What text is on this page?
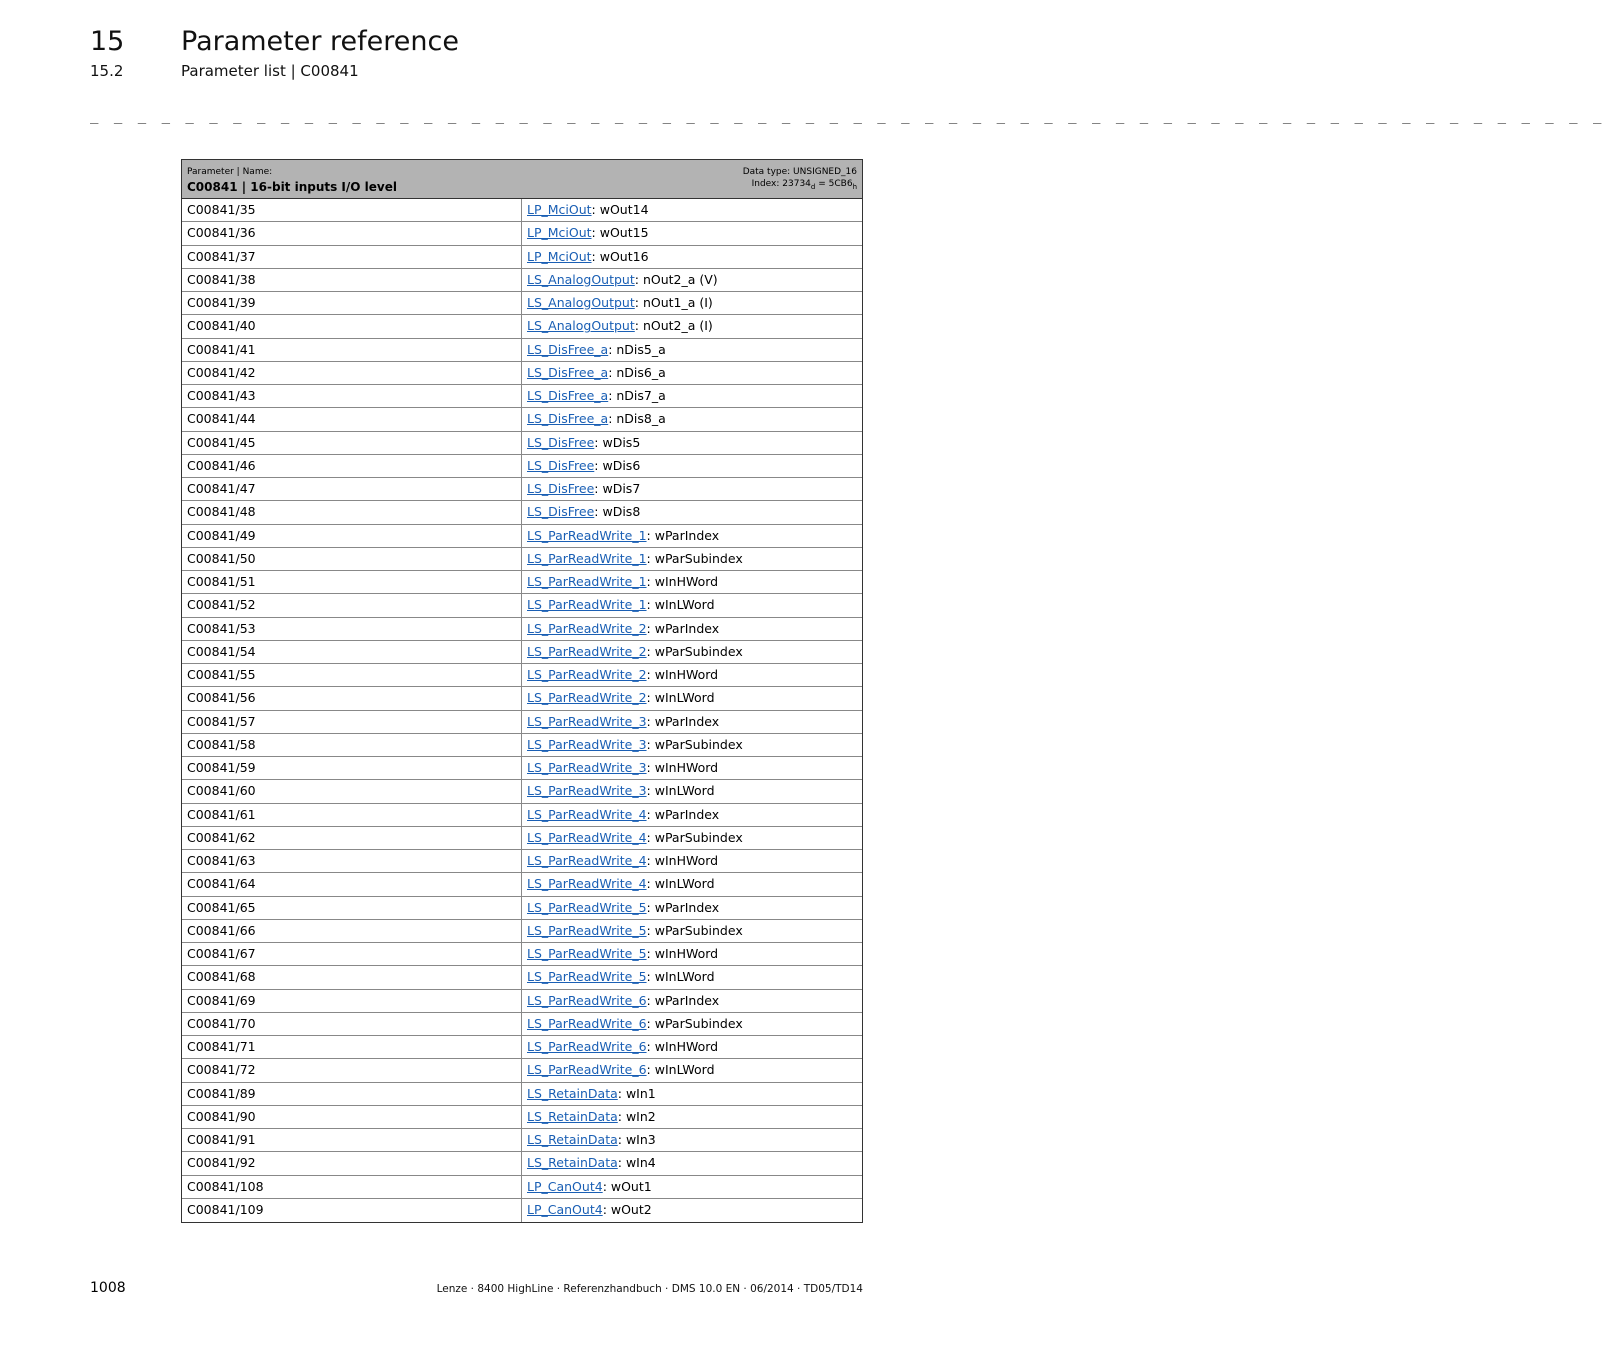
15 Parameter reference
15.2	Parameter list | C00841
_ _ _ _ _ _ _ _ _ _ _ _ _ _ _ _ _ _ _ _ _ _ _ _ _ _ _ _ _ _ _ _ _ _ _ _ _ _ _ _ _ _ _ _ _ _ _ _ _ _ _ _ _ _ _ _ _ _ _ _ _ _ _ _
Parameter | Name:
C00841 | 16-bit inputs I/O level
Data type: UNSIGNED_16
Index: $23734_d = 5CB6_h$
C00841/35	LP_MciOut: wOut14
C00841/36	LP_MciOut: wOut15
C00841/37	LP_MciOut: wOut16
C00841/38	LS_AnalogOutput: nOut2_a (V)
C00841/39	LS_AnalogOutput: nOut1_a (I)
C00841/40	LS_AnalogOutput: nOut2_a (I)
C00841/41	LS_DisFree_a: nDis5_a
C00841/42	LS_DisFree_a: nDis6_a
C00841/43	LS_DisFree_a: nDis7_a
C00841/44	LS_DisFree_a: nDis8_a
C00841/45	LS_DisFree: wDis5
C00841/46	LS_DisFree: wDis6
C00841/47	LS_DisFree: wDis7
C00841/48	LS_DisFree: wDis8
C00841/49	LS_ParReadWrite_1: wParIndex
C00841/50	LS_ParReadWrite_1: wParSubindex
C00841/51	LS_ParReadWrite_1: wInHWord
C00841/52	LS_ParReadWrite_1: wInLWord
C00841/53	LS_ParReadWrite_2: wParIndex
C00841/54	LS_ParReadWrite_2: wParSubindex
C00841/55	LS_ParReadWrite_2: wInHWord
C00841/56	LS_ParReadWrite_2: wInLWord
C00841/57	LS_ParReadWrite_3: wParIndex
C00841/58	LS_ParReadWrite_3: wParSubindex
C00841/59	LS_ParReadWrite_3: wInHWord
C00841/60	LS_ParReadWrite_3: wInLWord
C00841/61	LS_ParReadWrite_4: wParIndex
C00841/62	LS_ParReadWrite_4: wParSubindex
C00841/63	LS_ParReadWrite_4: wInHWord
C00841/64	LS_ParReadWrite_4: wInLWord
C00841/65	LS_ParReadWrite_5: wParIndex
C00841/66	LS_ParReadWrite_5: wParSubindex
C00841/67	LS_ParReadWrite_5: wInHWord
C00841/68	LS_ParReadWrite_5: wInLWord
C00841/69	LS_ParReadWrite_6: wParIndex
C00841/70	LS_ParReadWrite_6: wParSubindex
C00841/71	LS_ParReadWrite_6: wInHWord
C00841/72	LS_ParReadWrite_6: wInLWord
C00841/89	LS_RetainData: wIn1
C00841/90	LS_RetainData: wIn2
C00841/91	LS_RetainData: wIn3
C00841/92	LS_RetainData: wIn4
C00841/108	LP_CanOut4: wOut1
C00841/109	LP_CanOut4: wOut2
1008	Lenze · 8400 HighLine · Referenzhandbuch · DMS 10.0 EN · 06/2014 · TD05/TD14
